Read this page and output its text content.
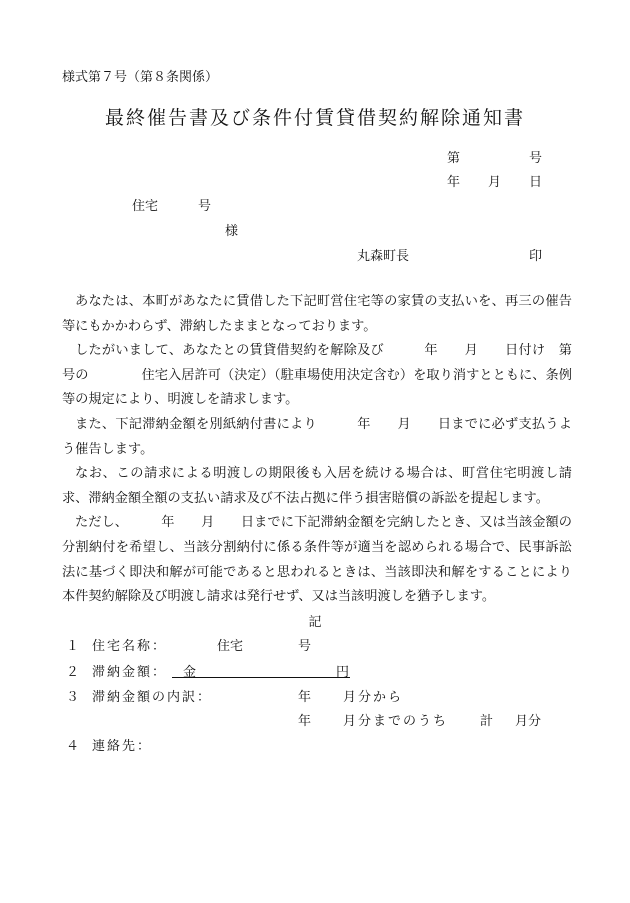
様式第７号（第８条関係）
最終催告書及び条件付賃貸借契約解除通知書
第	号
年 月 日
住宅	号
様
丸森町長	印

あなたは、本町があなたに賃借した下記町営住宅等の家賃の支払いを、再三の催告等にもかかわらず、滞納したままとなっております。

したがいまして、あなたとの賃貸借契約を解除及び　　　年　　月　　日付け　第　　号の　　　　住宅入居許可（決定）（駐車場使用決定含む）を取り消すとともに、条例等の規定により、明渡しを請求します。

また、下記滞納金額を別紙納付書により　　　年　　月　　日までに必ず支払うよう催告します。

なお、この請求による明渡しの期限後も入居を続ける場合は、町営住宅明渡し請求、滞納金額全額の支払い請求及び不法占拠に伴う損害賠償の訴訟を提起します。

ただし、　　　年　　月　　日までに下記滞納金額を完納したとき、又は当該金額の分割納付を希望し、当該分割納付に係る条件等が適当を認められる場合で、民事訴訟法に基づく即決和解が可能であると思われるときは、当該即決和解をすることにより本件契約解除及び明渡し請求は発行せず、又は当該明渡しを猶予します。

記
１ 住宅名称：	住宅	号
２ 滞納金額： 金	円
３ 滞納金額の内訳：	年 月分から
年 月分までのうち 計 月分
４ 連絡先：
